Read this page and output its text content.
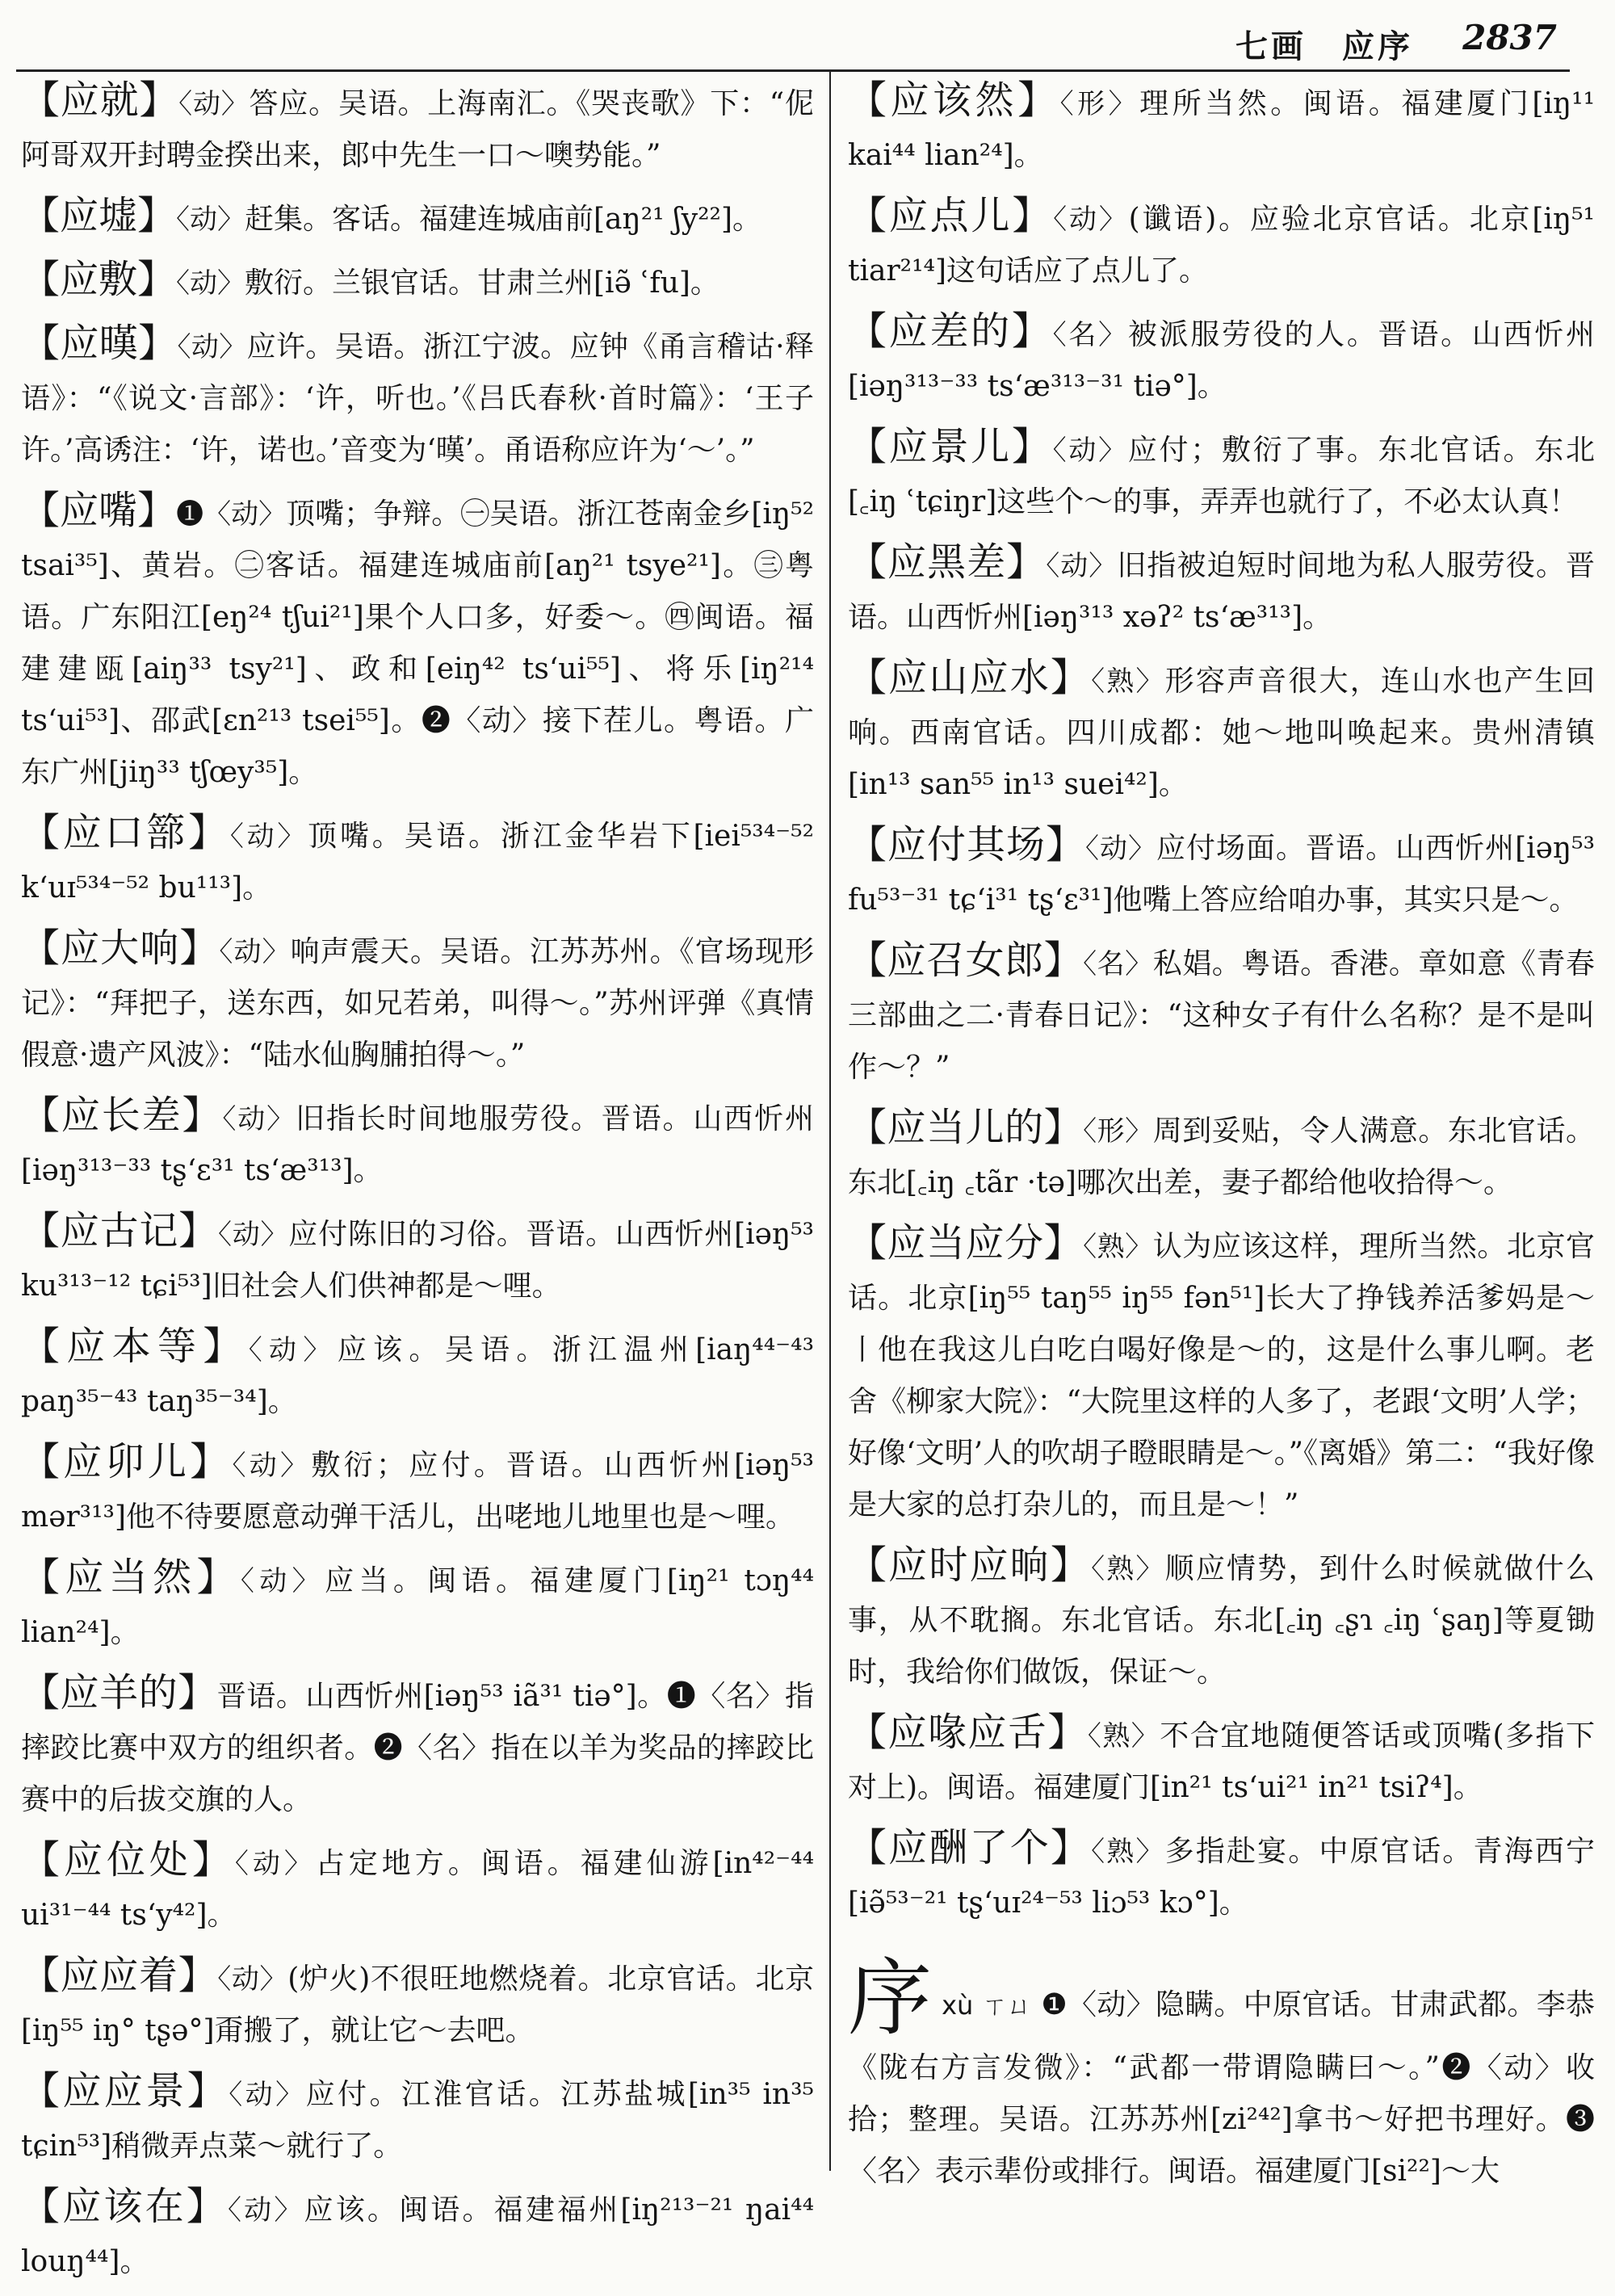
七画　应序 2837
【应就】〈动〉答应。吴语。上海南汇。《哭丧歌》下：“伲阿哥双开封聘金揆出来，郎中先生一口～噢势能。”
【应墟】〈动〉赶集。客话。福建连城庙前[aŋ²¹ ʃy²²]。
【应敷】〈动〉敷衍。兰银官话。甘肃兰州[iə̃ ʿfu]。
【应暵】〈动〉应许。吴语。浙江宁波。应钟《甬言稽诂·释语》：“《说文·言部》：‘许，听也。’《吕氏春秋·首时篇》：‘王子许。’高诱注：‘许，诺也。’音变为‘暵’。甬语称应许为‘～’。”
【应嘴】❶〈动〉顶嘴；争辩。㊀吴语。浙江苍南金乡[iŋ⁵² tsai³⁵]、黄岩。㊁客话。福建连城庙前[aŋ²¹ tsye²¹]。㊂粤语。广东阳江[eŋ²⁴ tʃui²¹]果个人口多，好委～。㊃闽语。福建建瓯[aiŋ³³ tsy²¹]、政和[eiŋ⁴² tsʻui⁵⁵]、将乐[iŋ²¹⁴ tsʻui⁵³]、邵武[ɛn²¹³ tsei⁵⁵]。❷〈动〉接下茬儿。粤语。广东广州[jiŋ³³ tʃœy³⁵]。
【应口篰】〈动〉顶嘴。吴语。浙江金华岩下[iei⁵³⁴⁻⁵² kʻuɪ⁵³⁴⁻⁵² bu¹¹³]。
【应大响】〈动〉响声震天。吴语。江苏苏州。《官场现形记》：“拜把子，送东西，如兄若弟，叫得～。”苏州评弹《真情假意·遗产风波》：“陆水仙胸脯拍得～。”
【应长差】〈动〉旧指长时间地服劳役。晋语。山西忻州[iəŋ³¹³⁻³³ tʂʻɛ³¹ tsʻæ³¹³]。
【应古记】〈动〉应付陈旧的习俗。晋语。山西忻州[iəŋ⁵³ ku³¹³⁻¹² tɕi⁵³]旧社会人们供神都是～哩。
【应本等】〈动〉应该。吴语。浙江温州[iaŋ⁴⁴⁻⁴³ paŋ³⁵⁻⁴³ taŋ³⁵⁻³⁴]。
【应卯儿】〈动〉敷衍；应付。晋语。山西忻州[iəŋ⁵³ mər³¹³]他不待要愿意动弹干活儿，出咾地儿地里也是～哩。
【应当然】〈动〉应当。闽语。福建厦门[iŋ²¹ tɔŋ⁴⁴ lian²⁴]。
【应羊的】晋语。山西忻州[iəŋ⁵³ iã³¹ tiə°]。❶〈名〉指摔跤比赛中双方的组织者。❷〈名〉指在以羊为奖品的摔跤比赛中的后拔交旗的人。
【应位处】〈动〉占定地方。闽语。福建仙游[in⁴²⁻⁴⁴ ui³¹⁻⁴⁴ tsʻy⁴²]。
【应应着】〈动〉(炉火)不很旺地燃烧着。北京官话。北京[iŋ⁵⁵ iŋ° tʂə°]甭搬了，就让它～去吧。
【应应景】〈动〉应付。江淮官话。江苏盐城[in³⁵ in³⁵ tɕin⁵³]稍微弄点菜～就行了。
【应该在】〈动〉应该。闽语。福建福州[iŋ²¹³⁻²¹ ŋai⁴⁴ louŋ⁴⁴]。
【应该然】〈形〉理所当然。闽语。福建厦门[iŋ¹¹ kai⁴⁴ lian²⁴]。
【应点儿】〈动〉(谶语)。应验北京官话。北京[iŋ⁵¹ tiar²¹⁴]这句话应了点儿了。
【应差的】〈名〉被派服劳役的人。晋语。山西忻州[iəŋ³¹³⁻³³ tsʻæ³¹³⁻³¹ tiə°]。
【应景儿】〈动〉应付；敷衍了事。东北官话。东北[꜀iŋ ʿtɕiŋr]这些个～的事，弄弄也就行了，不必太认真！
【应黑差】〈动〉旧指被迫短时间地为私人服劳役。晋语。山西忻州[iəŋ³¹³ xəʔ² tsʻæ³¹³]。
【应山应水】〈熟〉形容声音很大，连山水也产生回响。西南官话。四川成都：她～地叫唤起来。贵州清镇[in¹³ san⁵⁵ in¹³ suei⁴²]。
【应付其场】〈动〉应付场面。晋语。山西忻州[iəŋ⁵³ fu⁵³⁻³¹ tɕʻi³¹ tʂʻɛ³¹]他嘴上答应给咱办事，其实只是～。
【应召女郎】〈名〉私娼。粤语。香港。章如意《青春三部曲之二·青春日记》：“这种女子有什么名称？是不是叫作～？”
【应当儿的】〈形〉周到妥贴，令人满意。东北官话。东北[꜀iŋ ꜀tãr ·tə]哪次出差，妻子都给他收拾得～。
【应当应分】〈熟〉认为应该这样，理所当然。北京官话。北京[iŋ⁵⁵ taŋ⁵⁵ iŋ⁵⁵ fən⁵¹]长大了挣钱养活爹妈是～丨他在我这儿白吃白喝好像是～的，这是什么事儿啊。老舍《柳家大院》：“大院里这样的人多了，老跟‘文明’人学；好像‘文明’人的吹胡子瞪眼睛是～。”《离婚》第二：“我好像是大家的总打杂儿的，而且是～！”
【应时应晌】〈熟〉顺应情势，到什么时候就做什么事，从不耽搁。东北官话。东北[꜀iŋ ꜀ʂɿ ꜀iŋ ʿʂaŋ]等夏锄时，我给你们做饭，保证～。
【应喙应舌】〈熟〉不合宜地随便答话或顶嘴(多指下对上)。闽语。福建厦门[in²¹ tsʻui²¹ in²¹ tsiʔ⁴]。
【应酬了个】〈熟〉多指赴宴。中原官话。青海西宁[iə̃⁵³⁻²¹ tʂʻuɪ²⁴⁻⁵³ liɔ⁵³ kɔ°]。
序 xù ㄒㄩ ❶〈动〉隐瞒。中原官话。甘肃武都。李恭《陇右方言发微》：“武都一带谓隐瞒曰～。”❷〈动〉收拾；整理。吴语。江苏苏州[zi²⁴²]拿书～好把书理好。❸〈名〉表示辈份或排行。闽语。福建厦门[si²²]～大
